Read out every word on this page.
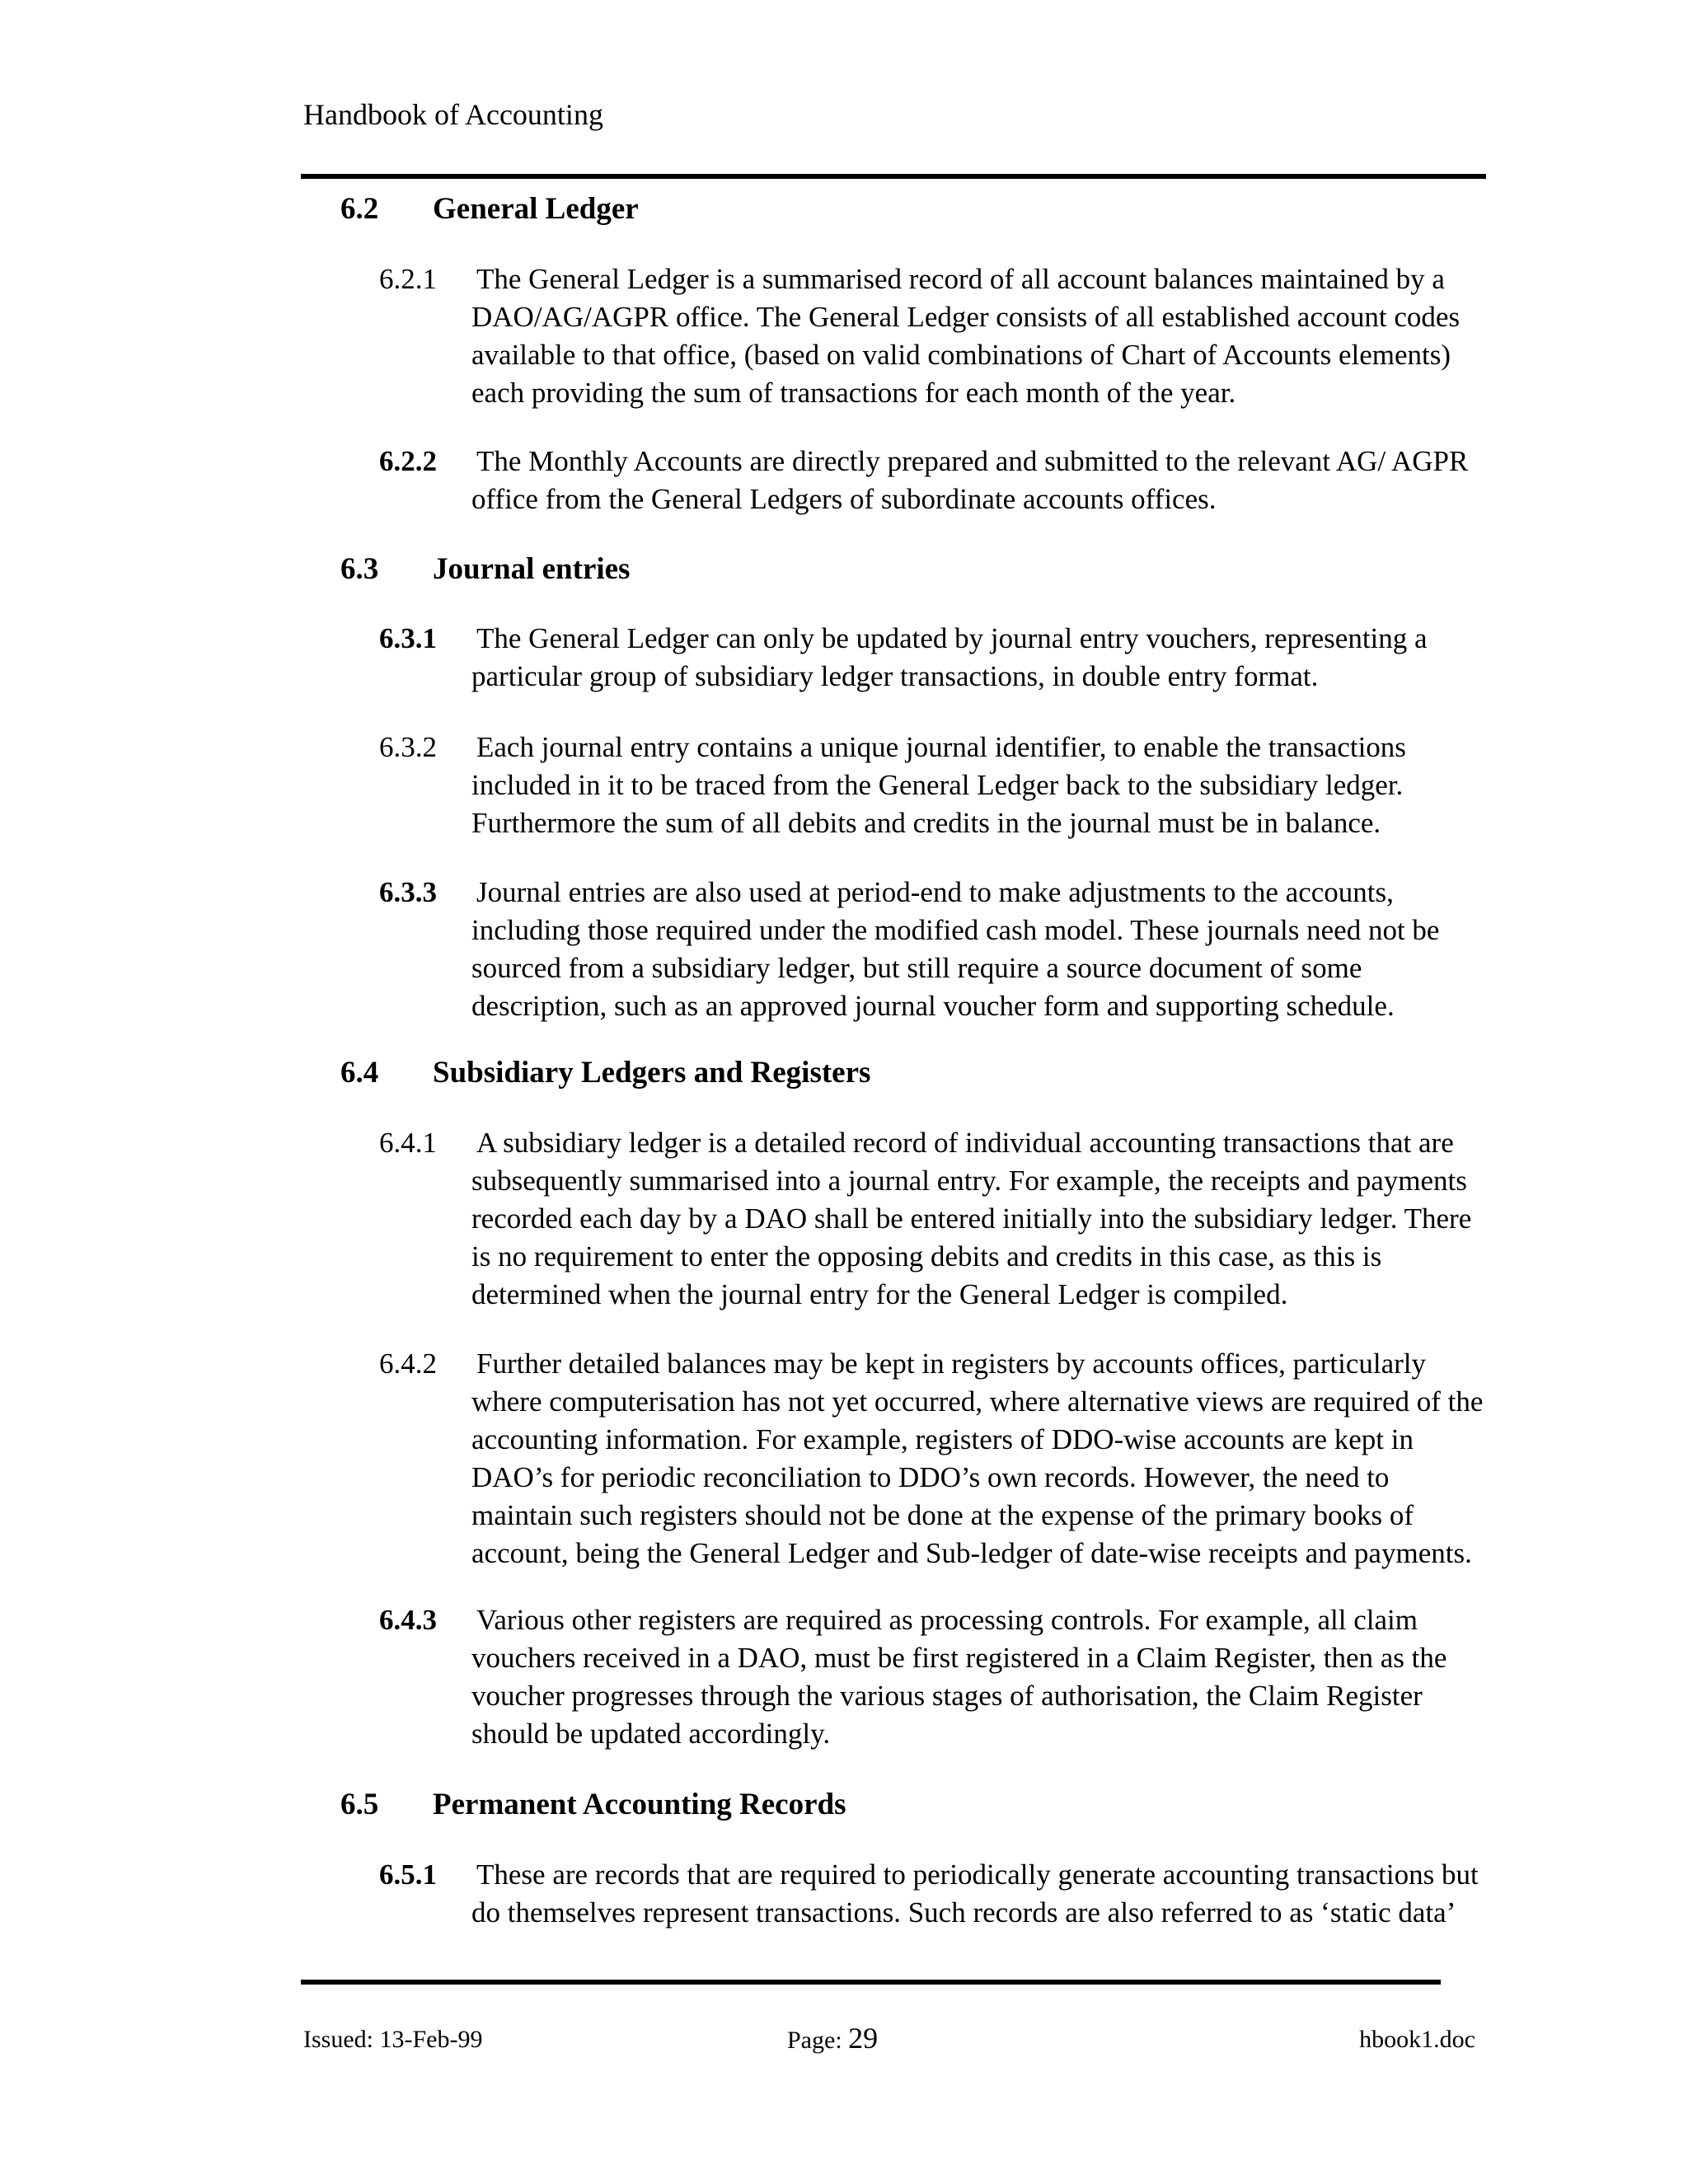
Handbook of Accounting
6.2 General Ledger
6.2.1 The General Ledger is a summarised record of all account balances maintained by a
DAO/AG/AGPR office. The General Ledger consists of all established account codes
available to that office, (based on valid combinations of Chart of Accounts elements)
each providing the sum of transactions for each month of the year.
6.2.2 The Monthly Accounts are directly prepared and submitted to the relevant AG/ AGPR
office from the General Ledgers of subordinate accounts offices.
6.3 Journal entries
6.3.1 The General Ledger can only be updated by journal entry vouchers, representing a
particular group of subsidiary ledger transactions, in double entry format.
6.3.2 Each journal entry contains a unique journal identifier, to enable the transactions
included in it to be traced from the General Ledger back to the subsidiary ledger.
Furthermore the sum of all debits and credits in the journal must be in balance.
6.3.3 Journal entries are also used at period-end to make adjustments to the accounts,
including those required under the modified cash model. These journals need not be
sourced from a subsidiary ledger, but still require a source document of some
description, such as an approved journal voucher form and supporting schedule.
6.4 Subsidiary Ledgers and Registers
6.4.1 A subsidiary ledger is a detailed record of individual accounting transactions that are
subsequently summarised into a journal entry. For example, the receipts and payments
recorded each day by a DAO shall be entered initially into the subsidiary ledger. There
is no requirement to enter the opposing debits and credits in this case, as this is
determined when the journal entry for the General Ledger is compiled.
6.4.2 Further detailed balances may be kept in registers by accounts offices, particularly
where computerisation has not yet occurred, where alternative views are required of the
accounting information. For example, registers of DDO-wise accounts are kept in
DAO’s for periodic reconciliation to DDO’s own records. However, the need to
maintain such registers should not be done at the expense of the primary books of
account, being the General Ledger and Sub-ledger of date-wise receipts and payments.
6.4.3 Various other registers are required as processing controls. For example, all claim
vouchers received in a DAO, must be first registered in a Claim Register, then as the
voucher progresses through the various stages of authorisation, the Claim Register
should be updated accordingly.
6.5 Permanent Accounting Records
6.5.1 These are records that are required to periodically generate accounting transactions but
do themselves represent transactions. Such records are also referred to as ‘static data’
Issued: 13-Feb-99	Page: 29	hbook1.doc
